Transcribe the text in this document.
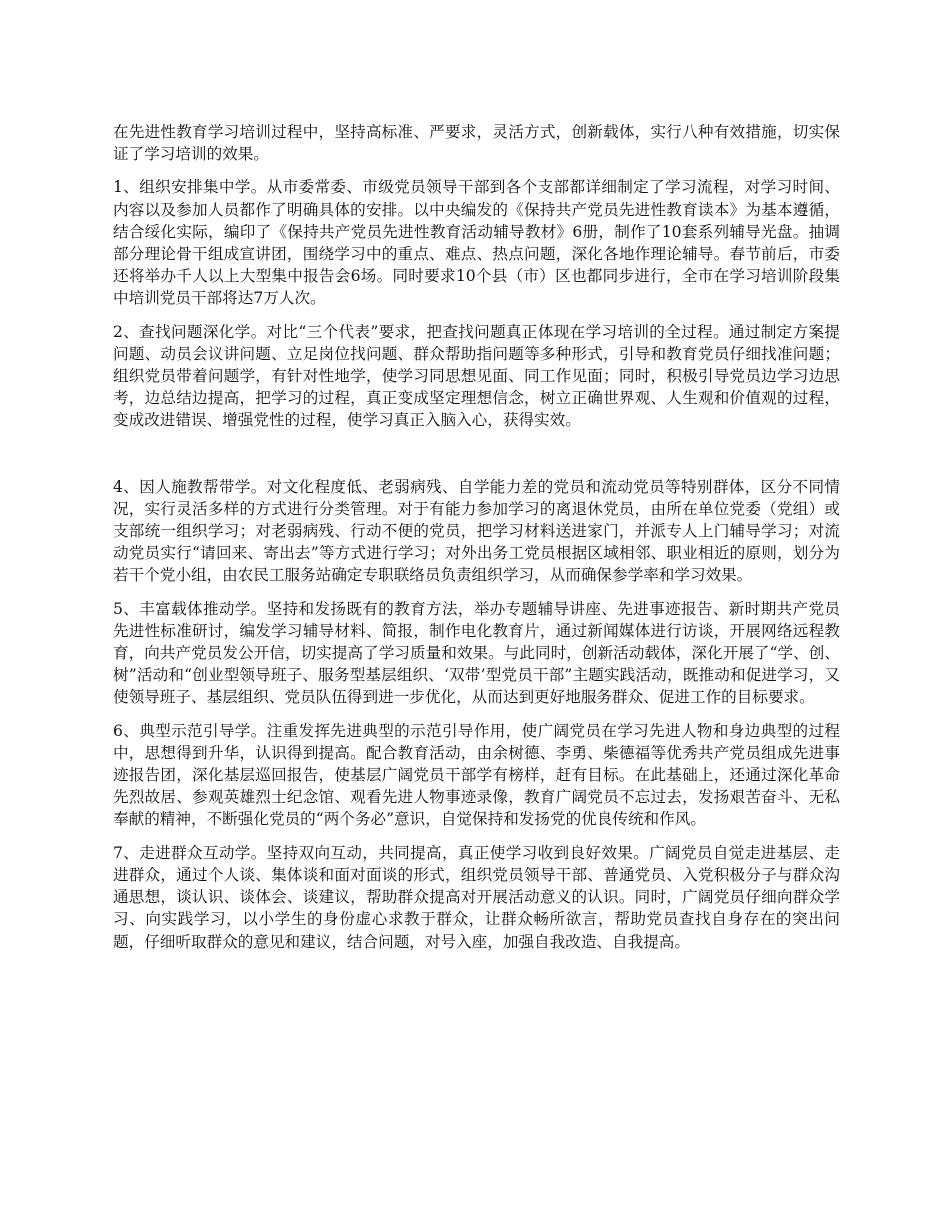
在先进性教育学习培训过程中，坚持高标准、严要求，灵活方式，创新载体，实行八种有效措施，切实保证了学习培训的效果。

1、组织安排集中学。从市委常委、市级党员领导干部到各个支部都详细制定了学习流程，对学习时间、内容以及参加人员都作了明确具体的安排。以中央编发的《保持共产党员先进性教育读本》为基本遵循，结合绥化实际，编印了《保持共产党员先进性教育活动辅导教材》6册，制作了10套系列辅导光盘。抽调部分理论骨干组成宣讲团，围绕学习中的重点、难点、热点问题，深化各地作理论辅导。春节前后，市委还将举办千人以上大型集中报告会6场。同时要求10个县（市）区也都同步进行，全市在学习培训阶段集中培训党员干部将达7万人次。

2、查找问题深化学。对比“三个代表”要求，把查找问题真正体现在学习培训的全过程。通过制定方案提问题、动员会议讲问题、立足岗位找问题、群众帮助指问题等多种形式，引导和教育党员仔细找准问题；组织党员带着问题学，有针对性地学，使学习同思想见面、同工作见面；同时，积极引导党员边学习边思考，边总结边提高，把学习的过程，真正变成坚定理想信念，树立正确世界观、人生观和价值观的过程，变成改进错误、增强党性的过程，使学习真正入脑入心，获得实效。

4、因人施教帮带学。对文化程度低、老弱病残、自学能力差的党员和流动党员等特别群体，区分不同情况，实行灵活多样的方式进行分类管理。对于有能力参加学习的离退休党员，由所在单位党委（党组）或支部统一组织学习；对老弱病残、行动不便的党员，把学习材料送进家门，并派专人上门辅导学习；对流动党员实行“请回来、寄出去”等方式进行学习；对外出务工党员根据区域相邻、职业相近的原则，划分为若干个党小组，由农民工服务站确定专职联络员负责组织学习，从而确保参学率和学习效果。

5、丰富载体推动学。坚持和发扬既有的教育方法，举办专题辅导讲座、先进事迹报告、新时期共产党员先进性标准研讨，编发学习辅导材料、简报，制作电化教育片，通过新闻媒体进行访谈，开展网络远程教育，向共产党员发公开信，切实提高了学习质量和效果。与此同时，创新活动载体，深化开展了“学、创、树”活动和“创业型领导班子、服务型基层组织、‘双带’型党员干部”主题实践活动，既推动和促进学习，又使领导班子、基层组织、党员队伍得到进一步优化，从而达到更好地服务群众、促进工作的目标要求。

6、典型示范引导学。注重发挥先进典型的示范引导作用，使广阔党员在学习先进人物和身边典型的过程中，思想得到升华，认识得到提高。配合教育活动，由余树德、李勇、柴德福等优秀共产党员组成先进事迹报告团，深化基层巡回报告，使基层广阔党员干部学有榜样，赶有目标。在此基础上，还通过深化革命先烈故居、参观英雄烈士纪念馆、观看先进人物事迹录像，教育广阔党员不忘过去，发扬艰苦奋斗、无私奉献的精神，不断强化党员的“两个务必”意识，自觉保持和发扬党的优良传统和作风。

7、走进群众互动学。坚持双向互动，共同提高，真正使学习收到良好效果。广阔党员自觉走进基层、走进群众，通过个人谈、集体谈和面对面谈的形式，组织党员领导干部、普通党员、入党积极分子与群众沟通思想，谈认识、谈体会、谈建议，帮助群众提高对开展活动意义的认识。同时，广阔党员仔细向群众学习、向实践学习，以小学生的身份虚心求教于群众，让群众畅所欲言，帮助党员查找自身存在的突出问题，仔细听取群众的意见和建议，结合问题，对号入座，加强自我改造、自我提高。
